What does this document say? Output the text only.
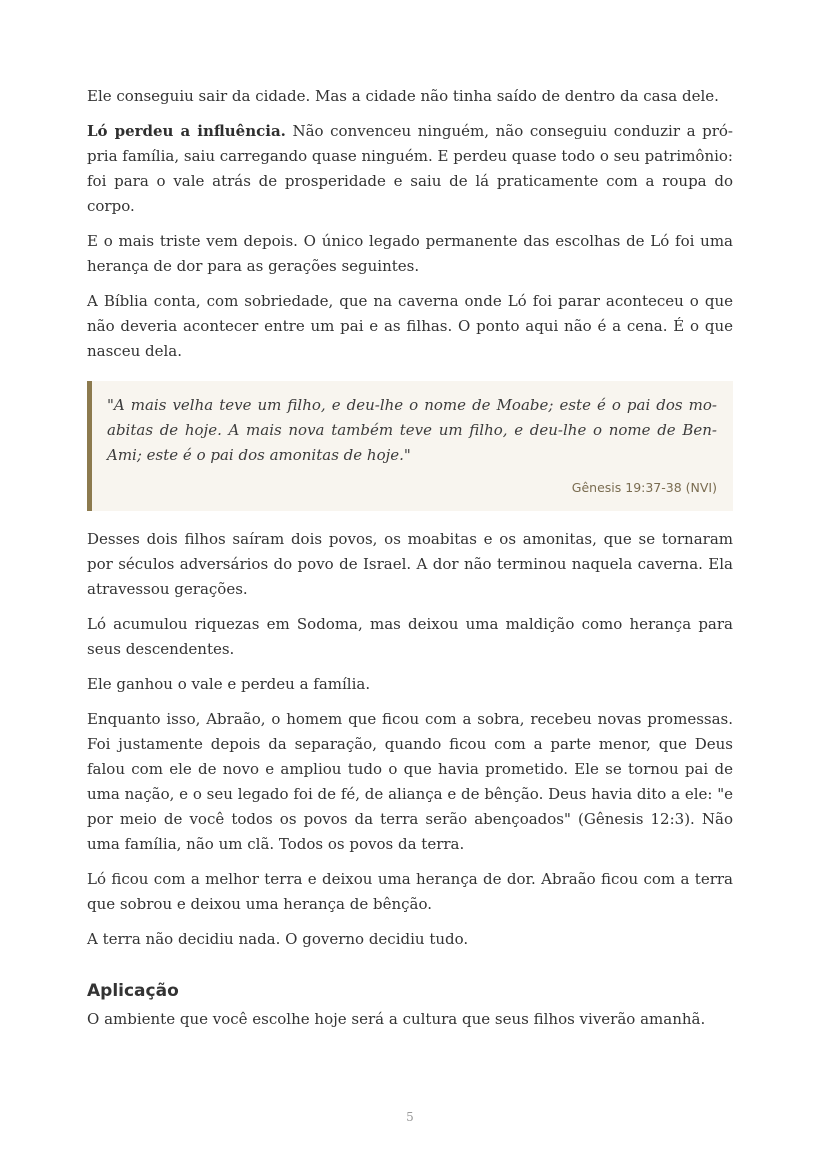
Ele conseguiu sair da cidade. Mas a cidade não tinha saído de dentro da casa dele.

Ló perdeu a influência. Não convenceu ninguém, não conseguiu conduzir a própria família, saiu carregando quase ninguém. E perdeu quase todo o seu patrimônio: foi para o vale atrás de prosperidade e saiu de lá praticamente com a roupa do corpo.

E o mais triste vem depois. O único legado permanente das escolhas de Ló foi uma herança de dor para as gerações seguintes.

A Bíblia conta, com sobriedade, que na caverna onde Ló foi parar aconteceu o que não deveria acontecer entre um pai e as filhas. O ponto aqui não é a cena. É o que nasceu dela.

"A mais velha teve um filho, e deu-lhe o nome de Moabe; este é o pai dos moabitas de hoje. A mais nova também teve um filho, e deu-lhe o nome de Ben-Ami; este é o pai dos amonitas de hoje."

Gênesis 19:37-38 (NVI)

Desses dois filhos saíram dois povos, os moabitas e os amonitas, que se tornaram por séculos adversários do povo de Israel. A dor não terminou naquela caverna. Ela atravessou gerações.

Ló acumulou riquezas em Sodoma, mas deixou uma maldição como herança para seus descendentes.

Ele ganhou o vale e perdeu a família.

Enquanto isso, Abraão, o homem que ficou com a sobra, recebeu novas promessas. Foi justamente depois da separação, quando ficou com a parte menor, que Deus falou com ele de novo e ampliou tudo o que havia prometido. Ele se tornou pai de uma nação, e o seu legado foi de fé, de aliança e de bênção. Deus havia dito a ele: "e por meio de você todos os povos da terra serão abençoados" (Gênesis 12:3). Não uma família, não um clã. Todos os povos da terra.

Ló ficou com a melhor terra e deixou uma herança de dor. Abraão ficou com a terra que sobrou e deixou uma herança de bênção.

A terra não decidiu nada. O governo decidiu tudo.

Aplicação

O ambiente que você escolhe hoje será a cultura que seus filhos viverão amanhã.

5
